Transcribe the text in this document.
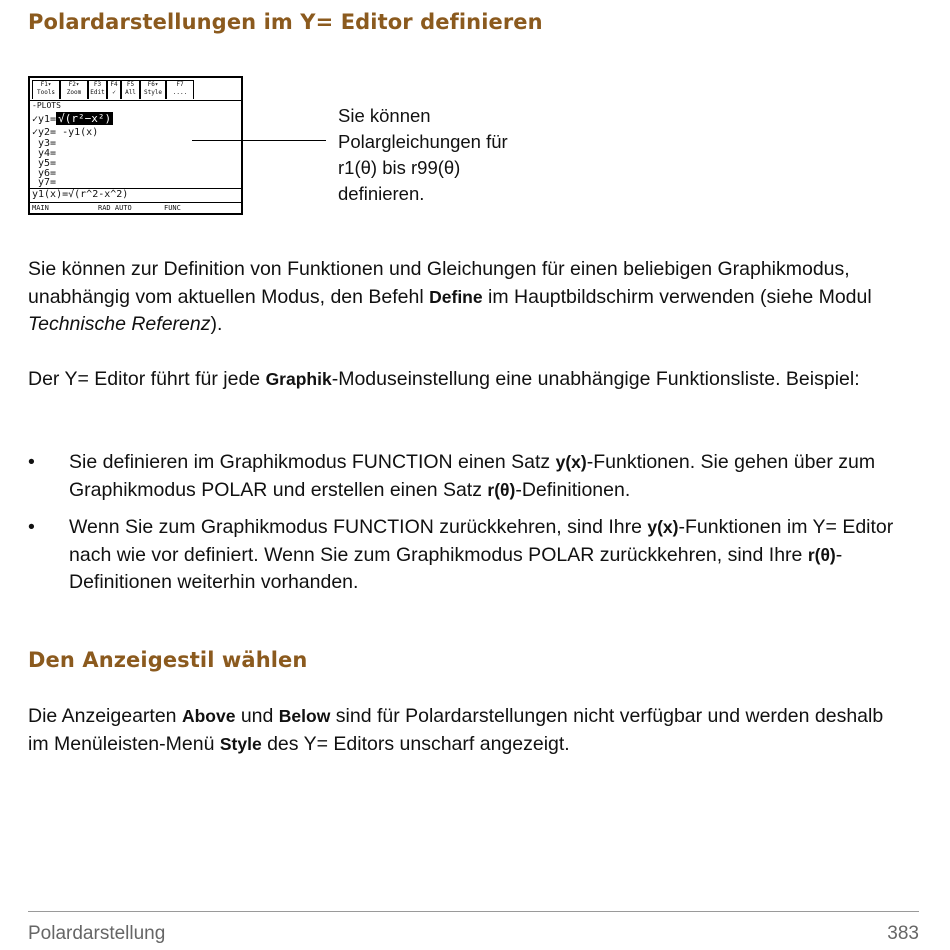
Polardarstellungen im Y= Editor definieren
F1▾
Tools
F2▾
Zoom
F3
Edit
F4
✓
F5
All
F6▾
Style
F7
....
-PLOTS
✓y1= √(r²−x²)
✓y2= -y1(x)
y3=
y4=
y5=
y6=
y7=
y1(x)=√(r^2-x^2)
MAIN	RAD AUTO	FUNC
Sie können
Polargleichungen für
r1(θ) bis r99(θ)
definieren.

Sie können zur Definition von Funktionen und Gleichungen für einen beliebigen Graphikmodus, unabhängig vom aktuellen Modus, den Befehl Define im Hauptbildschirm verwenden (siehe Modul Technische Referenz).

Der Y= Editor führt für jede Graphik-Moduseinstellung eine unabhängige Funktionsliste. Beispiel:

• Sie definieren im Graphikmodus FUNCTION einen Satz y(x)-Funktionen. Sie gehen über zum Graphikmodus POLAR und erstellen einen Satz r(θ)-Definitionen.
• Wenn Sie zum Graphikmodus FUNCTION zurückkehren, sind Ihre y(x)-Funktionen im Y= Editor nach wie vor definiert. Wenn Sie zum Graphikmodus POLAR zurückkehren, sind Ihre r(θ)-Definitionen weiterhin vorhanden.
Den Anzeigestil wählen

Die Anzeigearten Above und Below sind für Polardarstellungen nicht verfügbar und werden deshalb im Menüleisten-Menü Style des Y= Editors unscharf angezeigt.

Polardarstellung	383
